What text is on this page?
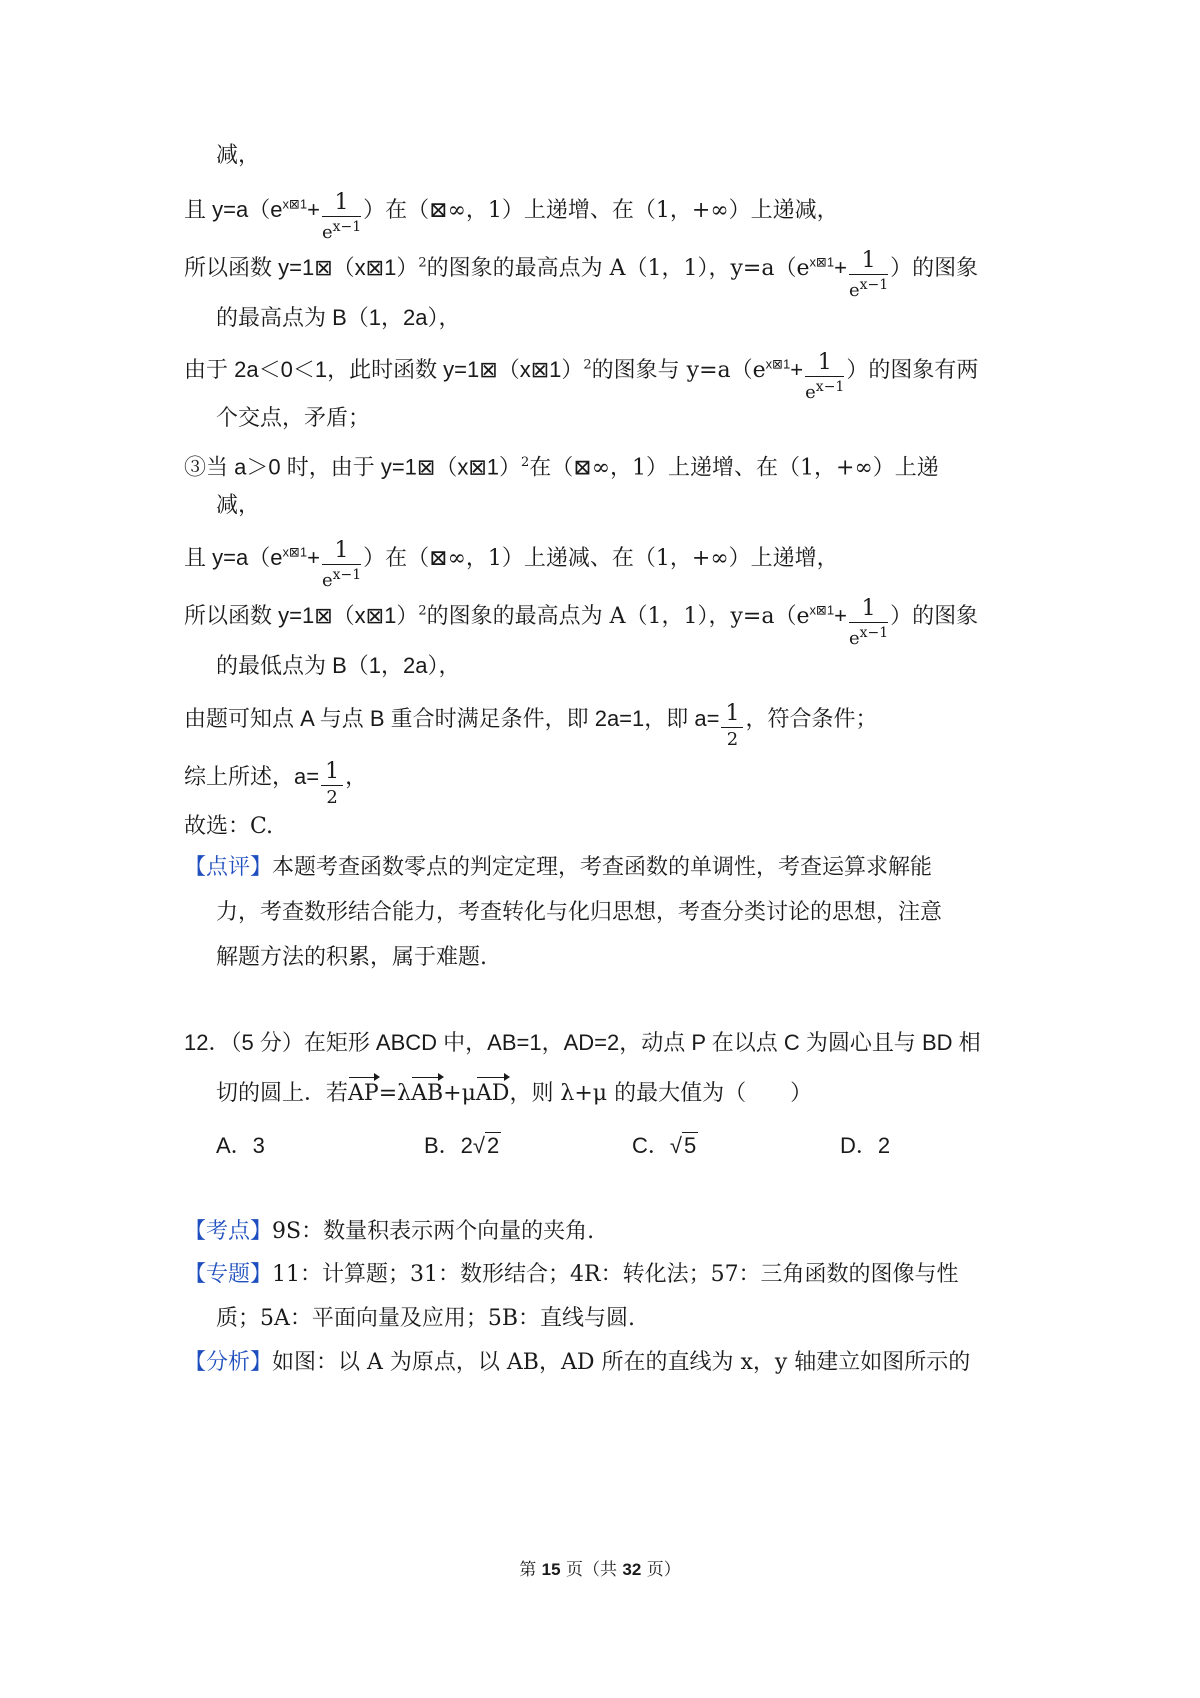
减，
且 $y=a(e^{x⊠1}+ \frac{1}{e^{x-1}}$ ）在（⊠∞，1）上递增、在（1，+∞）上递减，
所以函数 y=1⊠（x⊠1）$^2$的图象的最高点为 A（1，1），$y=a(e^{x⊠1}+ \frac{1}{e^{x-1}}$ ）的图象
的最高点为 B（1，2a），
由于 2a＜0＜1，此时函数 y=1⊠（x⊠1）$^2$的图象与 $y=a(e^{x⊠1}+ \frac{1}{e^{x-1}}$ ）的图象有两
个交点，矛盾；
③当 a＞0 时，由于 y=1⊠（x⊠1）$^2$在（⊠∞，1）上递增、在（1，+∞）上递
减，
且 $y=a(e^{x⊠1}+ \frac{1}{e^{x-1}}$ ）在（⊠∞，1）上递减、在（1，+∞）上递增，
所以函数 y=1⊠（x⊠1）$^2$的图象的最高点为 A（1，1），$y=a(e^{x⊠1}+ \frac{1}{e^{x-1}}$ ）的图象
的最低点为 B（1，2a），
由题可知点 A 与点 B 重合时满足条件，即 2a=1，即 $a= \frac{1}{2}$ ，符合条件；
综上所述，$a= \frac{1}{2}$ ，
故选：C.
【点评】本题考查函数零点的判定定理，考查函数的单调性，考查运算求解能
力，考查数形结合能力，考查转化与化归思想，考查分类讨论的思想，注意
解题方法的积累，属于难题.
12．（5 分）在矩形 ABCD 中，AB=1，AD=2，动点 P 在以点 C 为圆心且与 BD 相
切的圆上．若AP=λAB+μAD，则 λ+μ 的最大值为（　　）
A．3	B．2√2	C．√5	D．2
【考点】9S：数量积表示两个向量的夹角.
【专题】11：计算题；31：数形结合；4R：转化法；57：三角函数的图像与性
质；5A：平面向量及应用；5B：直线与圆.
【分析】如图：以 A 为原点，以 AB，AD 所在的直线为 x，y 轴建立如图所示的
第 15 页（共 32 页）
